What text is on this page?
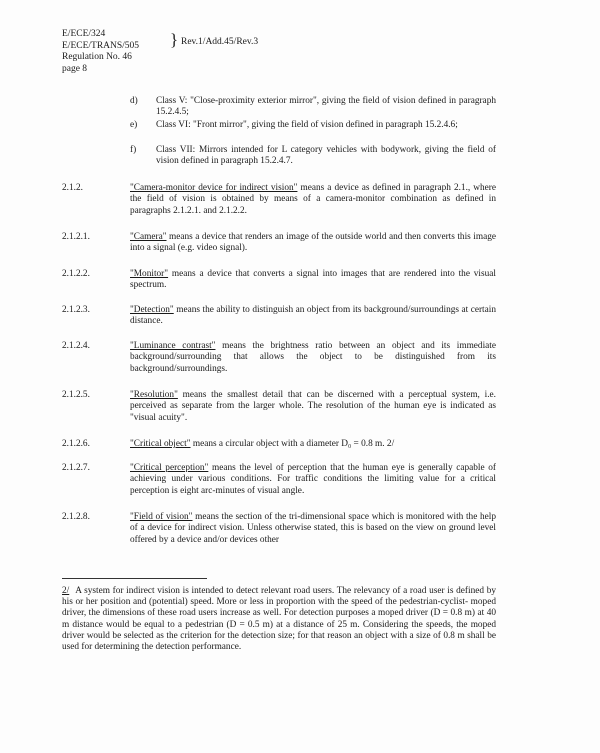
E/ECE/324
E/ECE/TRANS/505
Regulation No. 46
page 8
} Rev.1/Add.45/Rev.3
d) Class V: "Close-proximity exterior mirror", giving the field of vision defined in paragraph 15.2.4.5;
e) Class VI: "Front mirror", giving the field of vision defined in paragraph 15.2.4.6;
f) Class VII: Mirrors intended for L category vehicles with bodywork, giving the field of vision defined in paragraph 15.2.4.7.
2.1.2.	"Camera-monitor device for indirect vision" means a device as defined in paragraph 2.1., where the field of vision is obtained by means of a camera-monitor combination as defined in paragraphs 2.1.2.1. and 2.1.2.2.
2.1.2.1.	"Camera" means a device that renders an image of the outside world and then converts this image into a signal (e.g. video signal).
2.1.2.2.	"Monitor" means a device that converts a signal into images that are rendered into the visual spectrum.
2.1.2.3.	"Detection" means the ability to distinguish an object from its background/surroundings at certain distance.
2.1.2.4.	"Luminance contrast" means the brightness ratio between an object and its immediate background/surrounding that allows the object to be distinguished from its background/surroundings.
2.1.2.5.	"Resolution" means the smallest detail that can be discerned with a perceptual system, i.e. perceived as separate from the larger whole. The resolution of the human eye is indicated as "visual acuity".
2.1.2.6.	"Critical object" means a circular object with a diameter D₀ = 0.8 m. 2/
2.1.2.7.	"Critical perception" means the level of perception that the human eye is generally capable of achieving under various conditions. For traffic conditions the limiting value for a critical perception is eight arc-minutes of visual angle.
2.1.2.8.	"Field of vision" means the section of the tri-dimensional space which is monitored with the help of a device for indirect vision. Unless otherwise stated, this is based on the view on ground level offered by a device and/or devices other
2/ A system for indirect vision is intended to detect relevant road users. The relevancy of a road user is defined by his or her position and (potential) speed. More or less in proportion with the speed of the pedestrian-cyclist- moped driver, the dimensions of these road users increase as well. For detection purposes a moped driver (D = 0.8 m) at 40 m distance would be equal to a pedestrian (D = 0.5 m) at a distance of 25 m. Considering the speeds, the moped driver would be selected as the criterion for the detection size; for that reason an object with a size of 0.8 m shall be used for determining the detection performance.
